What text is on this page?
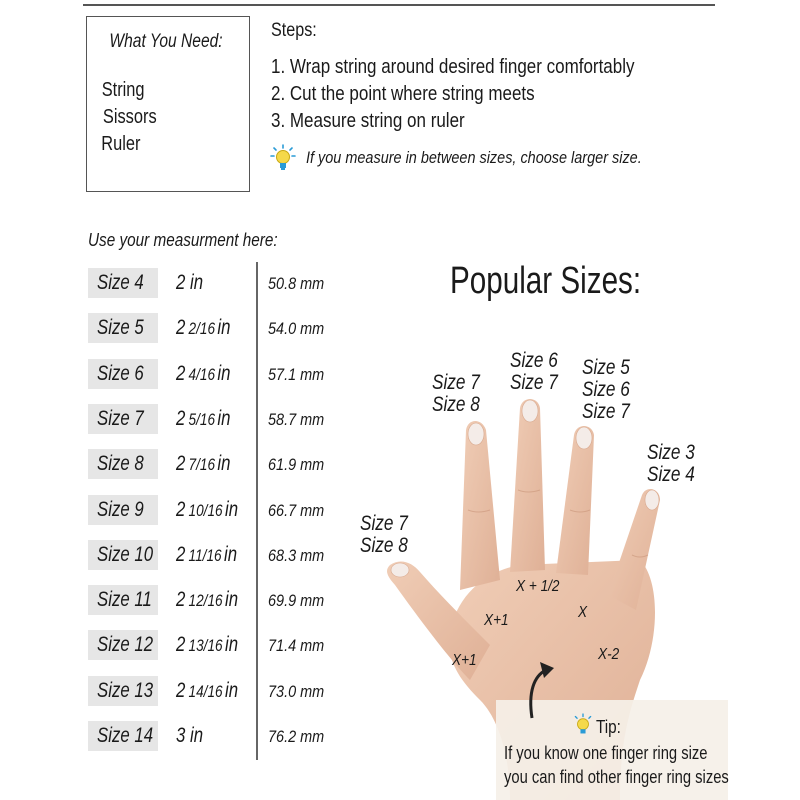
What You Need:
String
Sissors
Ruler
Steps:
1. Wrap string around desired finger comfortably
2. Cut the point where string meets
3. Measure string on ruler
If you measure in between sizes, choose larger size.
Use your measurment here:
Size 4 2 in	50.8 mm
Size 5 2 2/16 in 54.0 mm
Size 6 2 4/16 in 57.1 mm
Size 7 2 5/16 in 58.7 mm
Size 8 2 7/16 in 61.9 mm
Size 9 2 10/16 in 66.7 mm
Size 10 2 11/16 in 68.3 mm
Size 11 2 12/16 in 69.9 mm
Size 12 2 13/16 in 71.4 mm
Size 13 2 14/16 in 73.0 mm
Size 14 3 in	76.2 mm
Popular Sizes:
Size 7
Size 8
Size 7
Size 8
Size 6
Size 7
Size 5
Size 6
Size 7
Size 3
Size 4
X+1
X+1
X + 1/2
X
X-2
Tip:
If you know one finger ring size
you can find other finger ring sizes
